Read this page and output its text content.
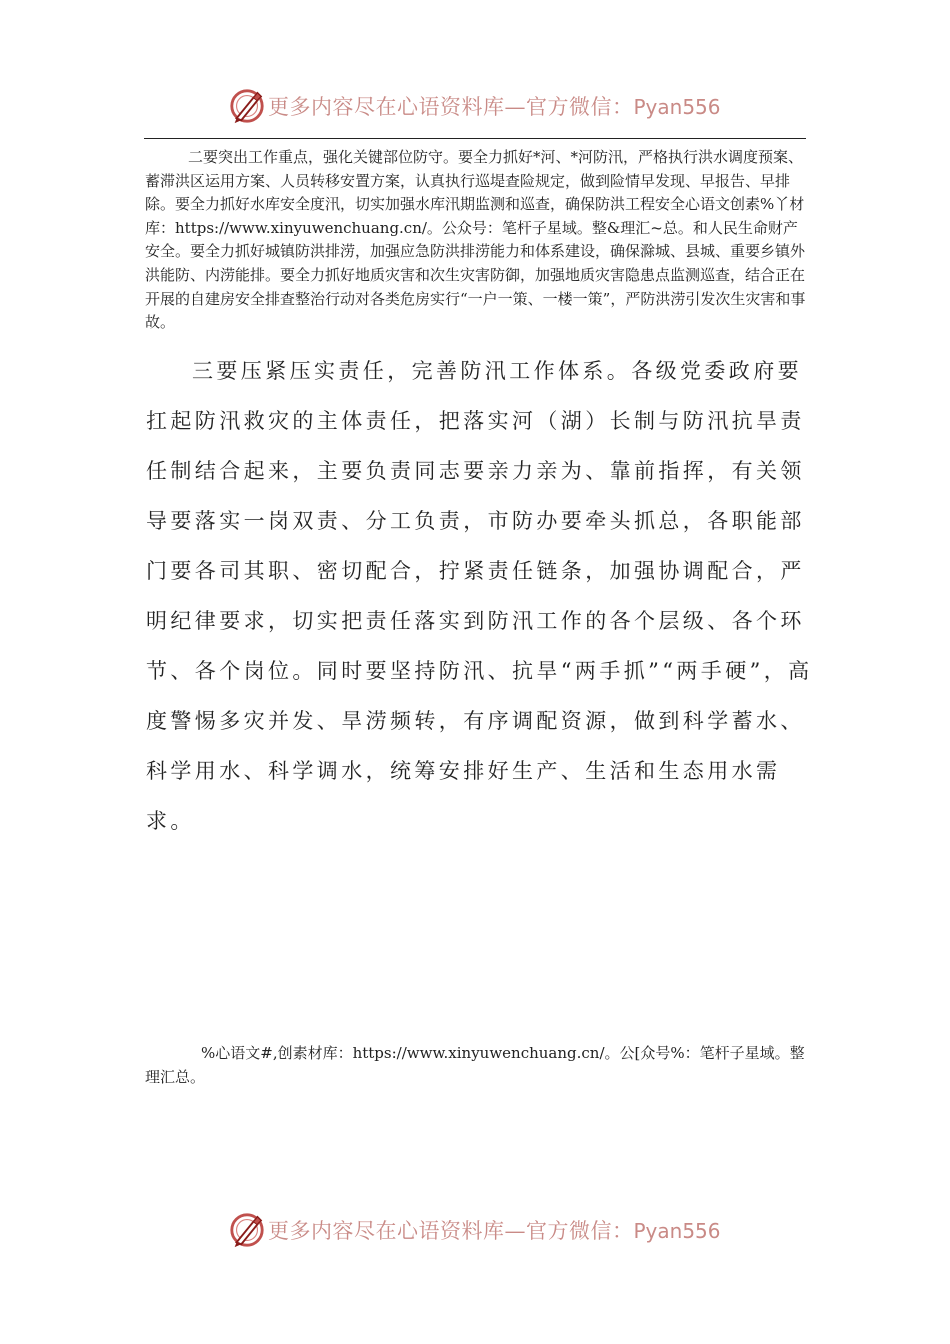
更多内容尽在心语资料库—官方微信：Pyan556

二要突出工作重点，强化关键部位防守。要全力抓好*河、*河防汛，严格执行洪水调度预案、蓄滞洪区运用方案、人员转移安置方案，认真执行巡堤查险规定，做到险情早发现、早报告、早排除。要全力抓好水库安全度汛，切实加强水库汛期监测和巡查，确保防洪工程安全心语文创素%丫材库：https://www.xinyuwenchuang.cn/。公众号：笔杆子星域。整&理汇~总。和人民生命财产安全。要全力抓好城镇防洪排涝，加强应急防洪排涝能力和体系建设，确保滁城、县城、重要乡镇外洪能防、内涝能排。要全力抓好地质灾害和次生灾害防御，加强地质灾害隐患点监测巡查，结合正在开展的自建房安全排查整治行动对各类危房实行“一户一策、一楼一策”，严防洪涝引发次生灾害和事故。

三要压紧压实责任，完善防汛工作体系。各级党委政府要扛起防汛救灾的主体责任，把落实河（湖）长制与防汛抗旱责任制结合起来，主要负责同志要亲力亲为、靠前指挥，有关领导要落实一岗双责、分工负责，市防办要牵头抓总，各职能部门要各司其职、密切配合，拧紧责任链条，加强协调配合，严明纪律要求，切实把责任落实到防汛工作的各个层级、各个环节、各个岗位。同时要坚持防汛、抗旱“两手抓”“两手硬”，高度警惕多灾并发、旱涝频转，有序调配资源，做到科学蓄水、科学用水、科学调水，统筹安排好生产、生活和生态用水需求。

%心语文#,创素材库：https://www.xinyuwenchuang.cn/。公[众号%：笔杆子星域。整理汇总。

更多内容尽在心语资料库—官方微信：Pyan556
